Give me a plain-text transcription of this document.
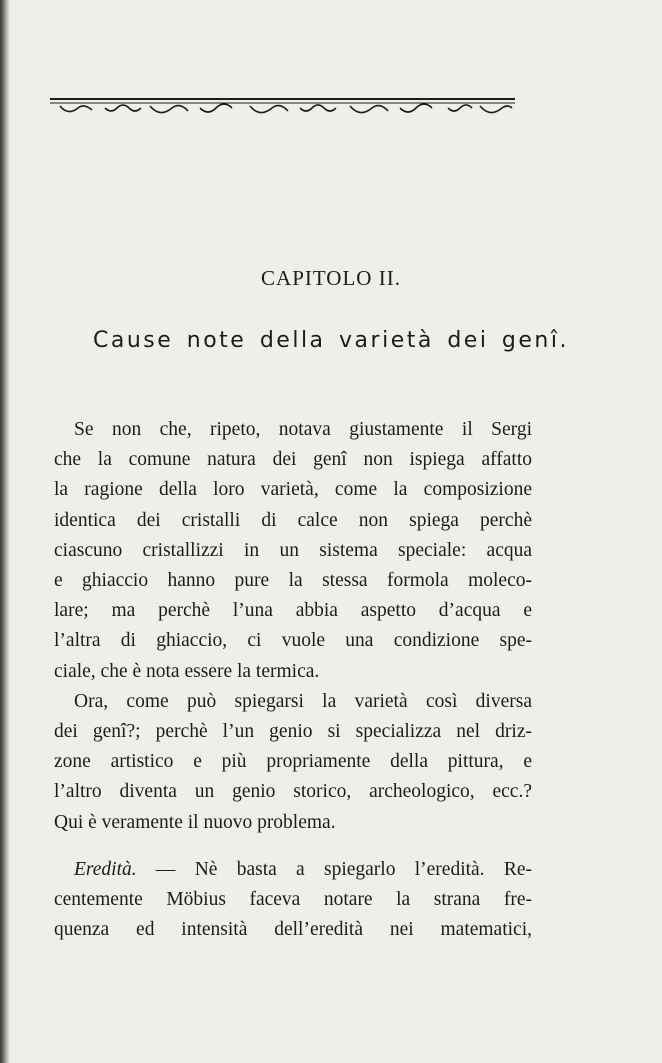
CAPITOLO II.
Cause note della varietà dei genî.
Se non che, ripeto, notava giustamente il Sergi
che la comune natura dei genî non ispiega affatto
la ragione della loro varietà, come la composizione
identica dei cristalli di calce non spiega perchè
ciascuno cristallizzi in un sistema speciale: acqua
e ghiaccio hanno pure la stessa formola moleco-
lare; ma perchè l’una abbia aspetto d’acqua e
l’altra di ghiaccio, ci vuole una condizione spe-
ciale, che è nota essere la termica.
Ora, come può spiegarsi la varietà così diversa
dei genî?; perchè l’un genio si specializza nel driz-
zone artistico e più propriamente della pittura, e
l’altro diventa un genio storico, archeologico, ecc.?
Qui è veramente il nuovo problema.
Eredità. — Nè basta a spiegarlo l’eredità. Re-
centemente Möbius faceva notare la strana fre-
quenza ed intensità dell’eredità nei matematici,
